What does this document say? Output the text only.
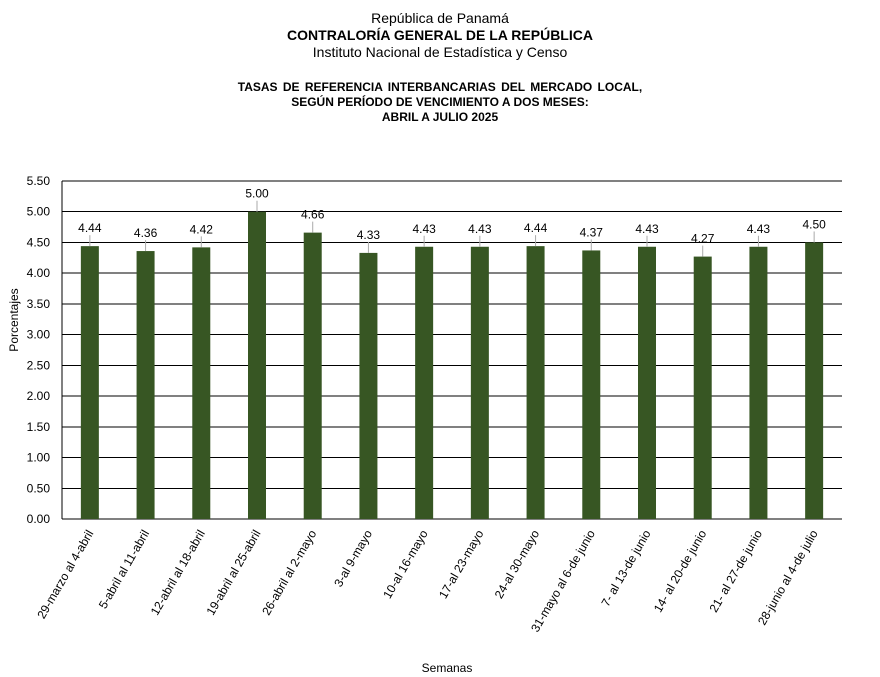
República de Panamá
CONTRALORÍA GENERAL DE LA REPÚBLICA
Instituto Nacional de Estadística y Censo
TASAS DE REFERENCIA INTERBANCARIAS DEL MERCADO LOCAL,
SEGÚN PERÍODO DE VENCIMIENTO A DOS MESES:
ABRIL A JULIO 2025
0.00
0.50
1.00
1.50
2.00
2.50
3.00
3.50
4.00
4.50
5.00
5.50
4.44	4.36	4.42
5.00
4.66
4.33	4.43	4.43	4.44	4.37	4.43
4.27
4.43	4.50
29-marzo al 4-abril 5-abril al 11-abril
12-abril al 18-abril
19-abril al 25-abril
26-abril al 2-mayo 3-al 9-mayo 10-al 16-mayo 17-al 23-mayo 24-al 30-mayo
31-mayo al 6-de junio 7- al 13-de junio
14- al 20-de junio
21- al 27-de junio
28-junio al 4-de julio
Porcentajes
Semanas
